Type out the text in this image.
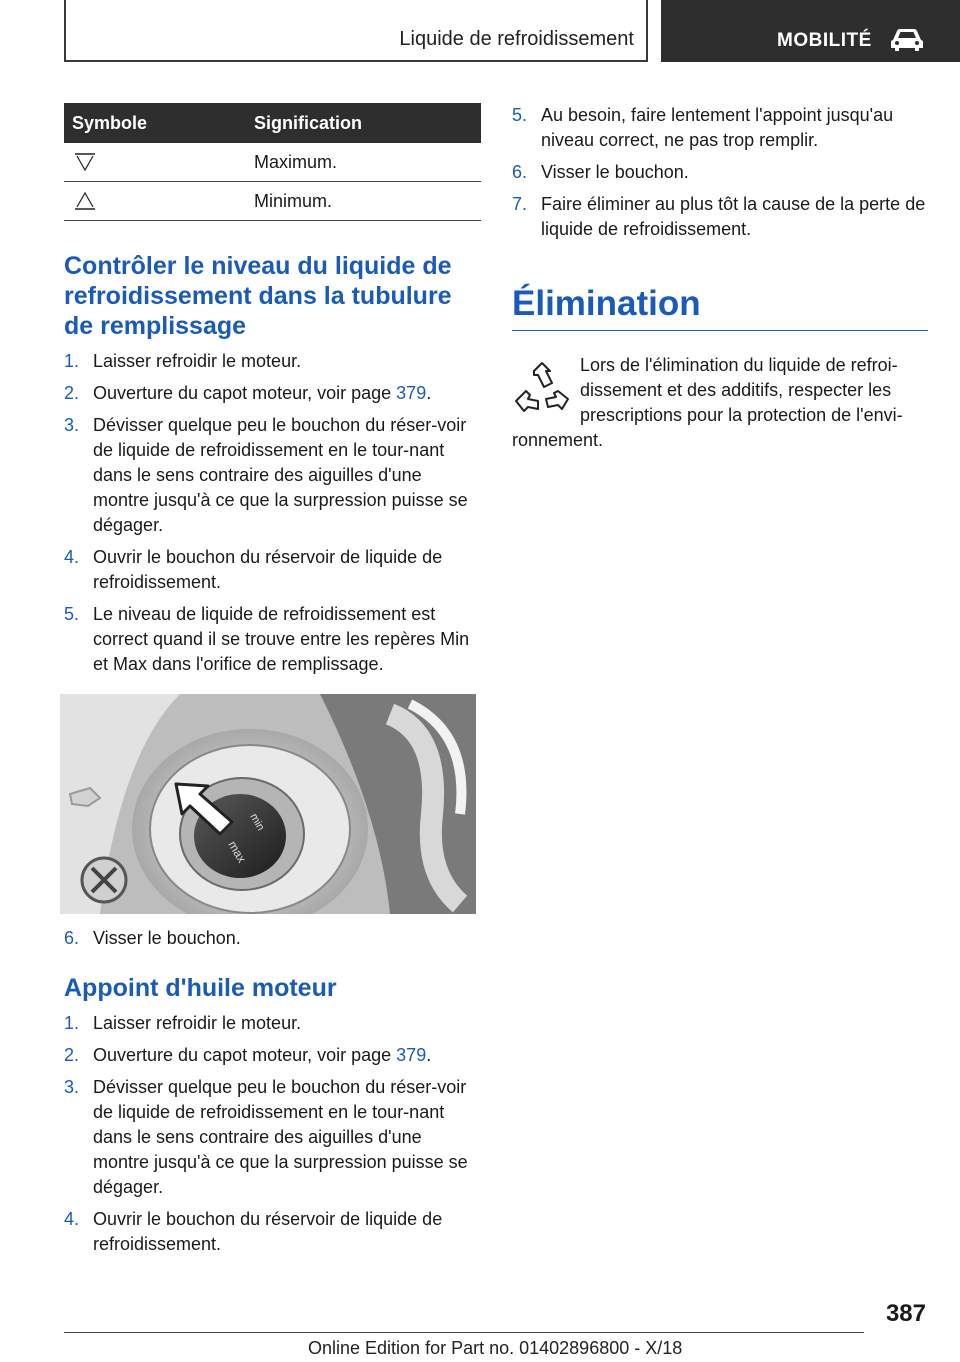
Liquide de refroidissement	MOBILITÉ
Symbole	Signification

	Maximum.

	Minimum.
Contrôler le niveau du liquide de refroidissement dans la tubulure de remplissage
1. Laisser refroidir le moteur.
2. Ouverture du capot moteur, voir page 379.
3. Dévisser quelque peu le bouchon du réser-voir de liquide de refroidissement en le tour-nant dans le sens contraire des aiguilles d'une montre jusqu'à ce que la surpression puisse se dégager.
4. Ouvrir le bouchon du réservoir de liquide de refroidissement.
5. Le niveau de liquide de refroidissement est correct quand il se trouve entre les repères Min et Max dans l'orifice de remplissage.
max
min
6. Visser le bouchon.
Appoint d'huile moteur
1. Laisser refroidir le moteur.
2. Ouverture du capot moteur, voir page 379.
3. Dévisser quelque peu le bouchon du réser-voir de liquide de refroidissement en le tour-nant dans le sens contraire des aiguilles d'une montre jusqu'à ce que la surpression puisse se dégager.
4. Ouvrir le bouchon du réservoir de liquide de refroidissement.
5. Au besoin, faire lentement l'appoint jusqu'au niveau correct, ne pas trop remplir.
6. Visser le bouchon.
7. Faire éliminer au plus tôt la cause de la perte de liquide de refroidissement.
Élimination
Lors de l'élimination du liquide de refroi-dissement et des additifs, respecter les prescriptions pour la protection de l'envi-ronnement.
387
Online Edition for Part no. 01402896800 - X/18
